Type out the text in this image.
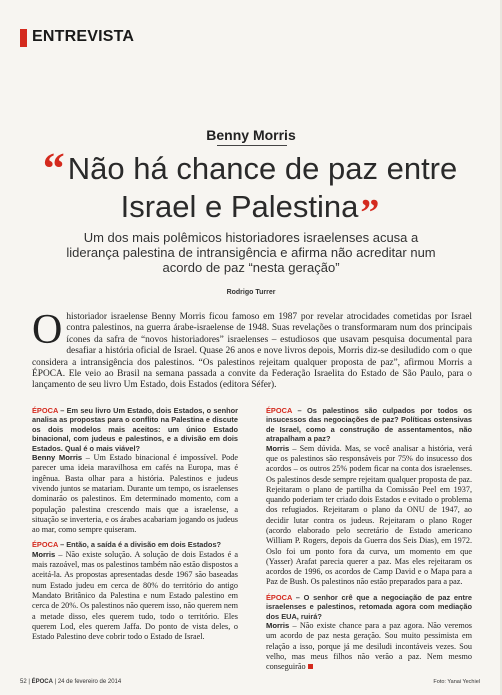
ENTREVISTA
Benny Morris
“Não há chance de paz entre Israel e Palestina”
Um dos mais polêmicos historiadores israelenses acusa a liderança palestina de intransigência e afirma não acreditar num acordo de paz “nesta geração”
Rodrigo Turrer
Ohistoriador israelense Benny Morris ficou famoso em 1987 por revelar atrocidades cometidas por Israel contra palestinos, na guerra árabe-israelense de 1948. Suas revelações o transformaram num dos principais ícones da safra de “novos historiadores” israelenses – estudiosos que usavam pesquisa documental para desafiar a história oficial de Israel. Quase 26 anos e nove livros depois, Morris diz-se desiludido com o que considera a intransigência dos palestinos. “Os palestinos rejeitam qualquer proposta de paz”, afirmou Morris a ÉPOCA. Ele veio ao Brasil na semana passada a convite da Federação Israelita do Estado de São Paulo, para o lançamento de seu livro Um Estado, dois Estados (editora Séfer).
ÉPOCA – Em seu livro Um Estado, dois Estados, o senhor analisa as propostas para o conflito na Palestina e discute os dois modelos mais aceitos: um único Estado binacional, com judeus e palestinos, e a divisão em dois Estados. Qual é o mais viável?
Benny Morris – Um Estado binacional é impossível. Pode parecer uma ideia maravilhosa em cafés na Europa, mas é ingênua. Basta olhar para a história. Palestinos e judeus vivendo juntos se matariam. Durante um tempo, os israelenses dominarão os palestinos. Em determinado momento, com a população palestina crescendo mais que a israelense, a situação se inverteria, e os árabes acabariam jogando os judeus ao mar, como sempre quiseram.
ÉPOCA – Então, a saída é a divisão em dois Estados?
Morris – Não existe solução. A solução de dois Estados é a mais razoável, mas os palestinos também não estão dispostos a aceitá-la. As propostas apresentadas desde 1967 são baseadas num Estado judeu em cerca de 80% do território do antigo Mandato Britânico da Palestina e num Estado palestino em cerca de 20%. Os palestinos não querem isso, não querem nem a metade disso, eles querem tudo, todo o território. Eles querem Lod, eles querem Jaffa. Do ponto de vista deles, o Estado Palestino deve cobrir todo o Estado de Israel.
ÉPOCA – Os palestinos são culpados por todos os insucessos das negociações de paz? Políticas ostensivas de Israel, como a construção de assentamentos, não atrapalham a paz?
Morris – Sem dúvida. Mas, se você analisar a história, verá que os palestinos são responsáveis por 75% do insucesso dos acordos – os outros 25% podem ficar na conta dos israelenses. Os palestinos desde sempre rejeitam qualquer proposta de paz. Rejeitaram o plano de partilha da Comissão Peel em 1937, quando poderiam ter criado dois Estados e evitado o problema dos refugiados. Rejeitaram o plano da ONU de 1947, ao decidir lutar contra os judeus. Rejeitaram o plano Roger (acordo elaborado pelo secretário de Estado americano William P. Rogers, depois da Guerra dos Seis Dias), em 1972. Oslo foi um ponto fora da curva, um momento em que (Yasser) Arafat parecia querer a paz. Mas eles rejeitaram os acordos de 1996, os acordos de Camp David e o Mapa para a Paz de Bush. Os palestinos não estão preparados para a paz.
ÉPOCA – O senhor crê que a negociação de paz entre israelenses e palestinos, retomada agora com mediação dos EUA, ruirá?
Morris – Não existe chance para a paz agora. Não veremos um acordo de paz nesta geração. Sou muito pessimista em relação a isso, porque já me desiludi incontáveis vezes. Sou velho, mas meus filhos não verão a paz. Nem mesmo conseguirão
52 | ÉPOCA | 24 de fevereiro de 2014	Foto: Yanai Yechiel
